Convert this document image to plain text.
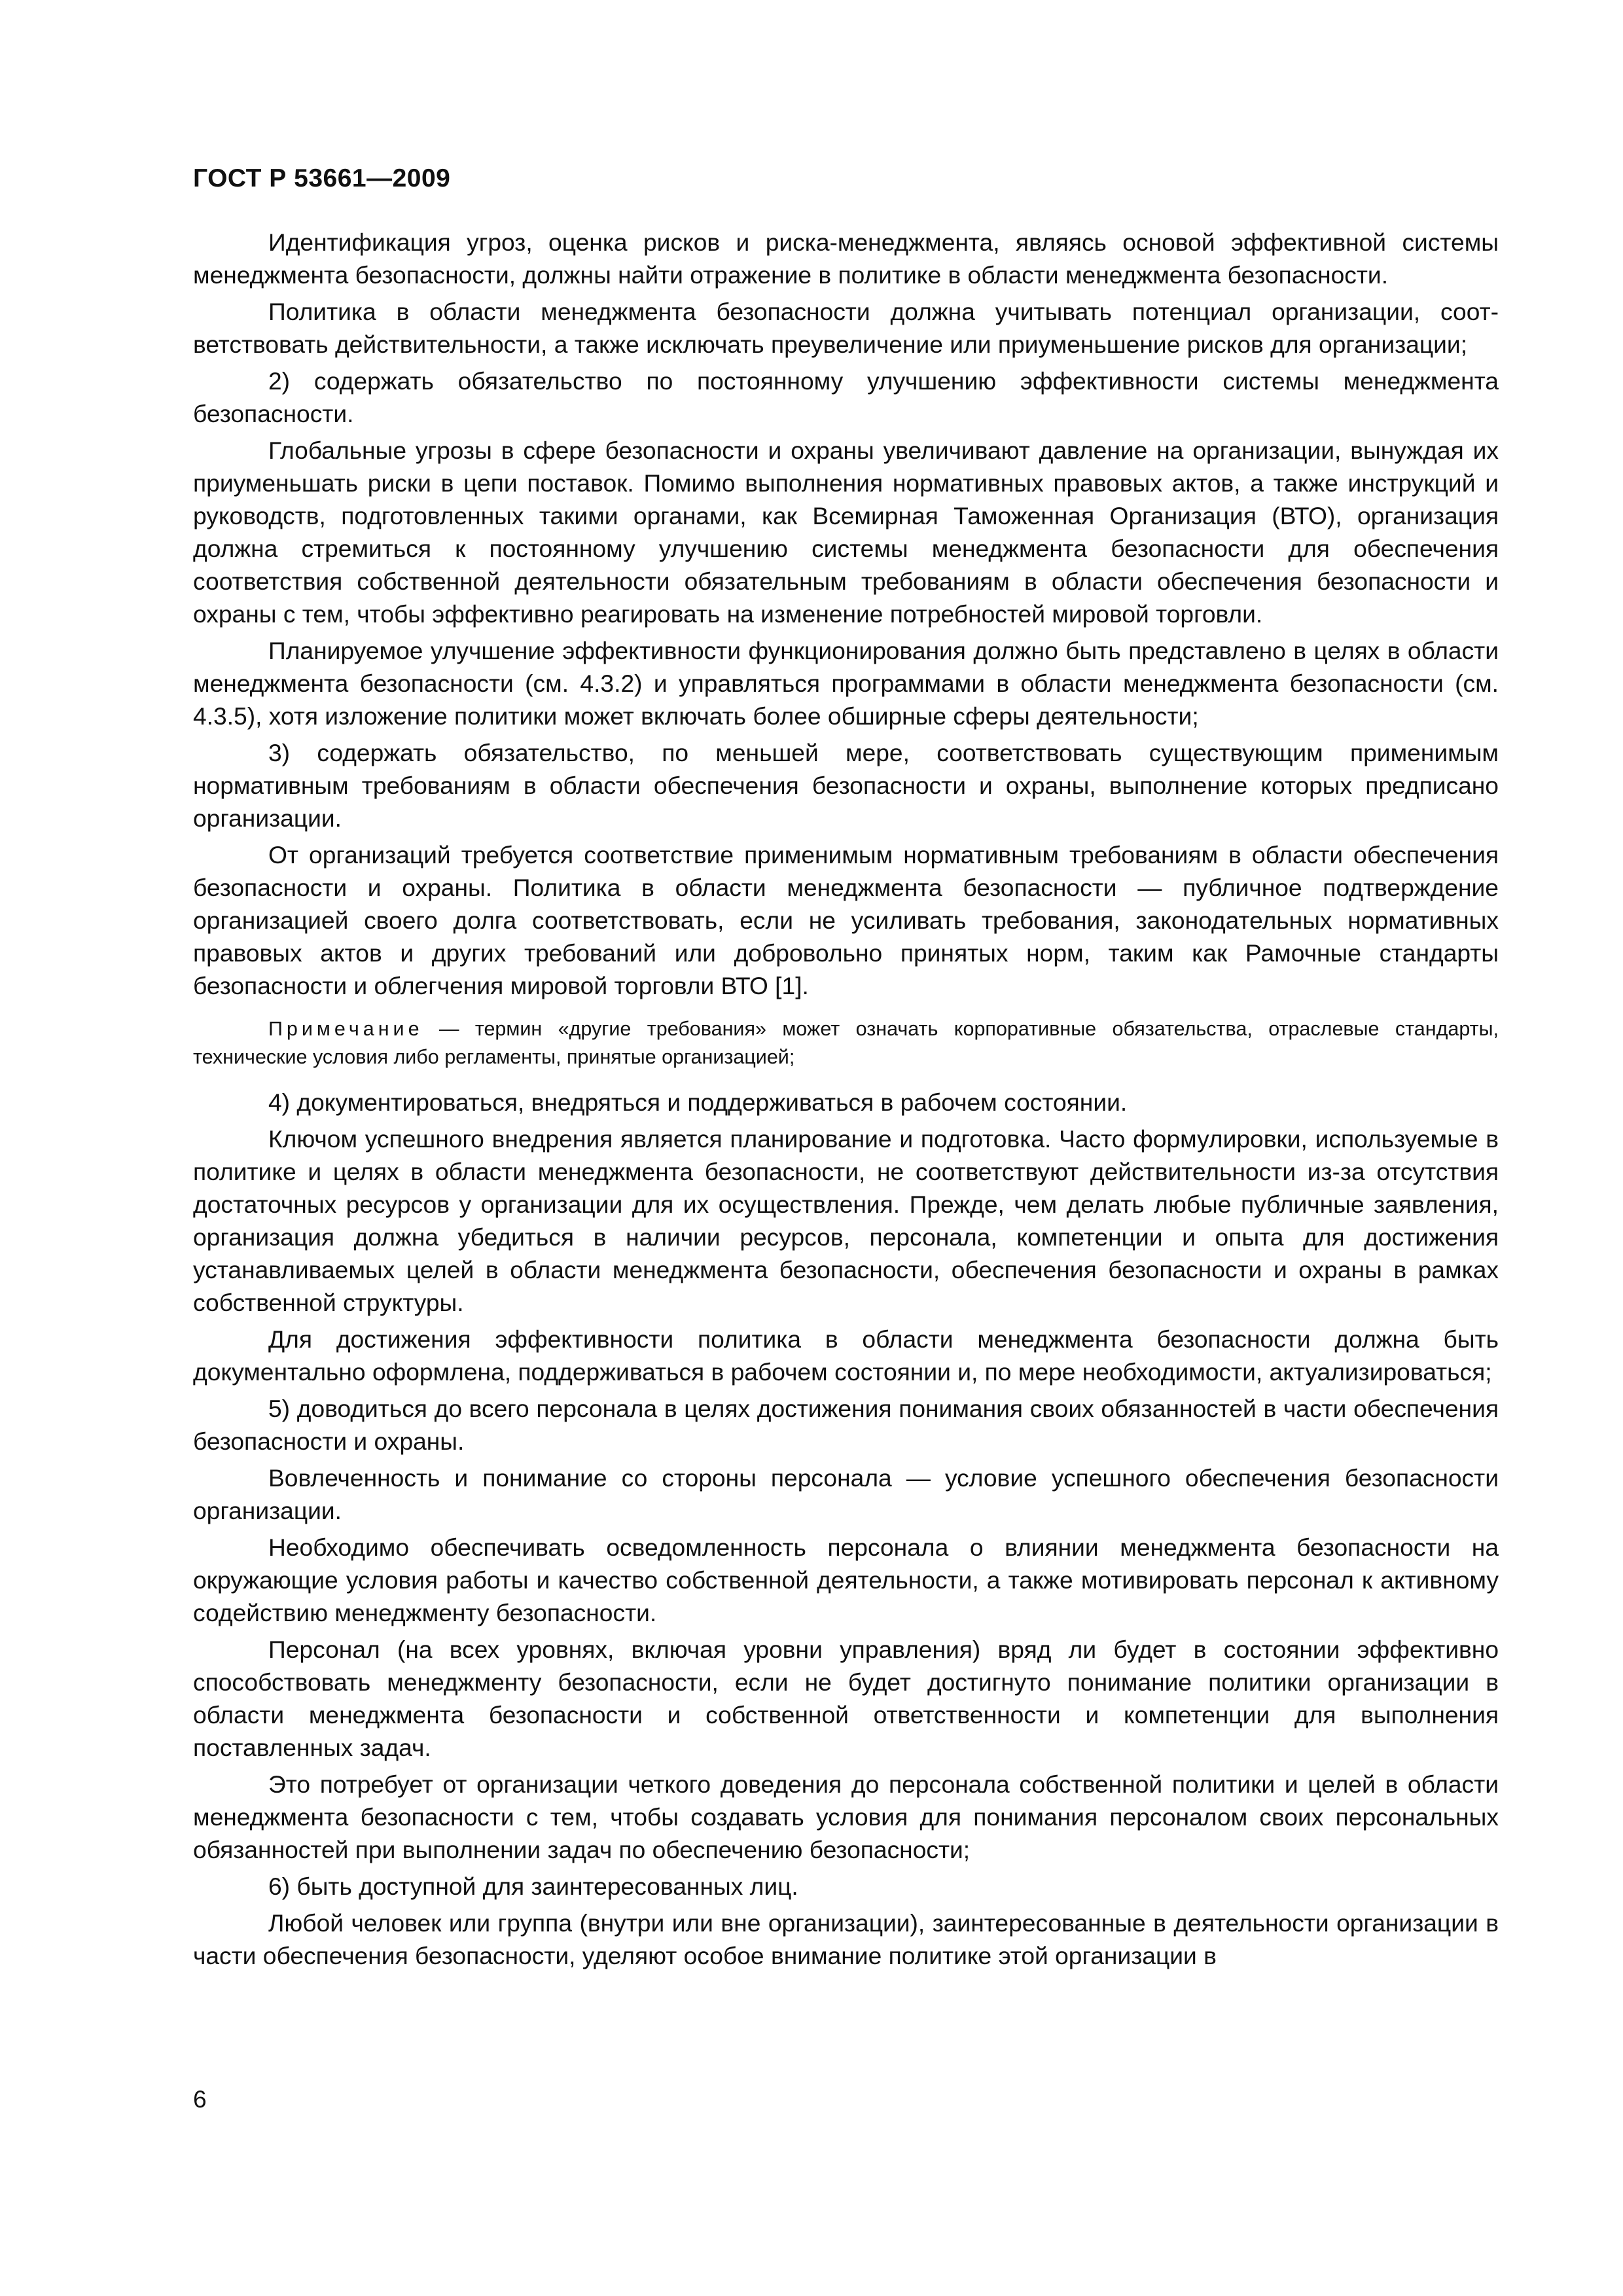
ГОСТ Р 53661—2009

Идентификация угроз, оценка рисков и риска-менеджмента, являясь основой эффективной системы менеджмента безопасности, должны найти отражение в политике в области менеджмента безопасности.

Политика в области менеджмента безопасности должна учитывать потенциал организации, соответствовать действительности, а также исключать преувеличение или приуменьшение рисков для организации;

2) содержать обязательство по постоянному улучшению эффективности системы менеджмента безопасности.

Глобальные угрозы в сфере безопасности и охраны увеличивают давление на организации, вынуждая их приуменьшать риски в цепи поставок. Помимо выполнения нормативных правовых актов, а также инструкций и руководств, подготовленных такими органами, как Всемирная Таможенная Организация (ВТО), организация должна стремиться к постоянному улучшению системы менеджмента безопасности для обеспечения соответствия собственной деятельности обязательным требованиям в области обеспечения безопасности и охраны с тем, чтобы эффективно реагировать на изменение потребностей мировой торговли.

Планируемое улучшение эффективности функционирования должно быть представлено в целях в области менеджмента безопасности (см. 4.3.2) и управляться программами в области менеджмента безопасности (см. 4.3.5), хотя изложение политики может включать более обширные сферы деятельности;

3) содержать обязательство, по меньшей мере, соответствовать существующим применимым нормативным требованиям в области обеспечения безопасности и охраны, выполнение которых предписано организации.

От организаций требуется соответствие применимым нормативным требованиям в области обеспечения безопасности и охраны. Политика в области менеджмента безопасности — публичное подтверждение организацией своего долга соответствовать, если не усиливать требования, законодательных нормативных правовых актов и других требований или добровольно принятых норм, таким как Рамочные стандарты безопасности и облегчения мировой торговли ВТО [1].

Примечание — термин «другие требования» может означать корпоративные обязательства, отраслевые стандарты, технические условия либо регламенты, принятые организацией;

4) документироваться, внедряться и поддерживаться в рабочем состоянии.

Ключом успешного внедрения является планирование и подготовка. Часто формулировки, используемые в политике и целях в области менеджмента безопасности, не соответствуют действительности из-за отсутствия достаточных ресурсов у организации для их осуществления. Прежде, чем делать любые публичные заявления, организация должна убедиться в наличии ресурсов, персонала, компетенции и опыта для достижения устанавливаемых целей в области менеджмента безопасности, обеспечения безопасности и охраны в рамках собственной структуры.

Для достижения эффективности политика в области менеджмента безопасности должна быть документально оформлена, поддерживаться в рабочем состоянии и, по мере необходимости, актуализироваться;

5) доводиться до всего персонала в целях достижения понимания своих обязанностей в части обеспечения безопасности и охраны.

Вовлеченность и понимание со стороны персонала — условие успешного обеспечения безопасности организации.

Необходимо обеспечивать осведомленность персонала о влиянии менеджмента безопасности на окружающие условия работы и качество собственной деятельности, а также мотивировать персонал к активному содействию менеджменту безопасности.

Персонал (на всех уровнях, включая уровни управления) вряд ли будет в состоянии эффективно способствовать менеджменту безопасности, если не будет достигнуто понимание политики организации в области менеджмента безопасности и собственной ответственности и компетенции для выполнения поставленных задач.

Это потребует от организации четкого доведения до персонала собственной политики и целей в области менеджмента безопасности с тем, чтобы создавать условия для понимания персоналом своих персональных обязанностей при выполнении задач по обеспечению безопасности;

6) быть доступной для заинтересованных лиц.

Любой человек или группа (внутри или вне организации), заинтересованные в деятельности организации в части обеспечения безопасности, уделяют особое внимание политике этой организации в

6
